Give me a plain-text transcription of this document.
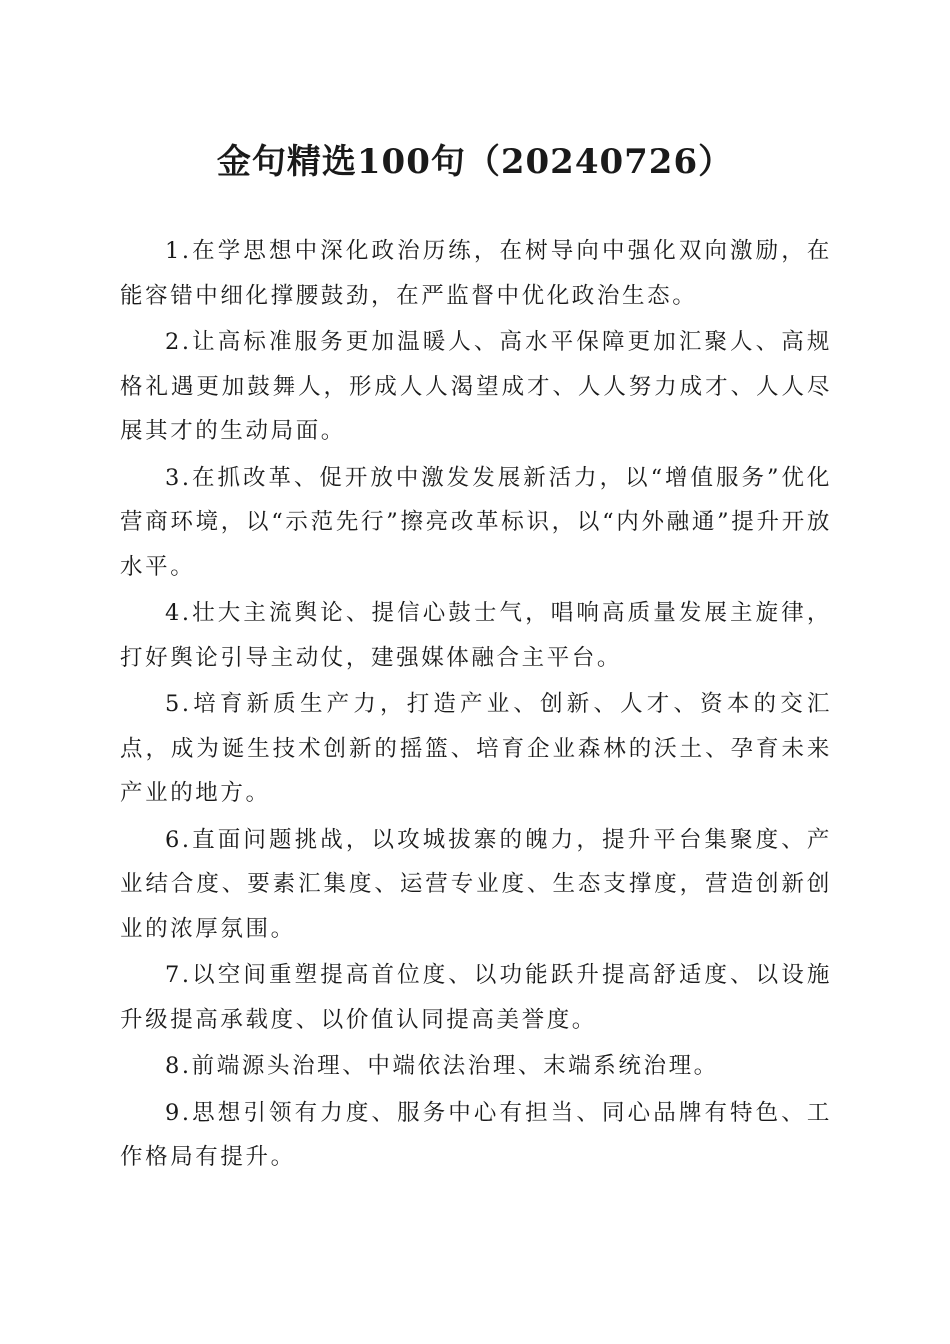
金句精选100句（20240726）

1.在学思想中深化政治历练，在树导向中强化双向激励，在能容错中细化撑腰鼓劲，在严监督中优化政治生态。

2.让高标准服务更加温暖人、高水平保障更加汇聚人、高规格礼遇更加鼓舞人，形成人人渴望成才、人人努力成才、人人尽展其才的生动局面。

3.在抓改革、促开放中激发发展新活力，以“增值服务”优化营商环境，以“示范先行”擦亮改革标识，以“内外融通”提升开放水平。

4.壮大主流舆论、提信心鼓士气，唱响高质量发展主旋律，打好舆论引导主动仗，建强媒体融合主平台。

5.培育新质生产力，打造产业、创新、人才、资本的交汇点，成为诞生技术创新的摇篮、培育企业森林的沃土、孕育未来产业的地方。

6.直面问题挑战，以攻城拔寨的魄力，提升平台集聚度、产业结合度、要素汇集度、运营专业度、生态支撑度，营造创新创业的浓厚氛围。

7.以空间重塑提高首位度、以功能跃升提高舒适度、以设施升级提高承载度、以价值认同提高美誉度。

8.前端源头治理、中端依法治理、末端系统治理。

9.思想引领有力度、服务中心有担当、同心品牌有特色、工作格局有提升。
